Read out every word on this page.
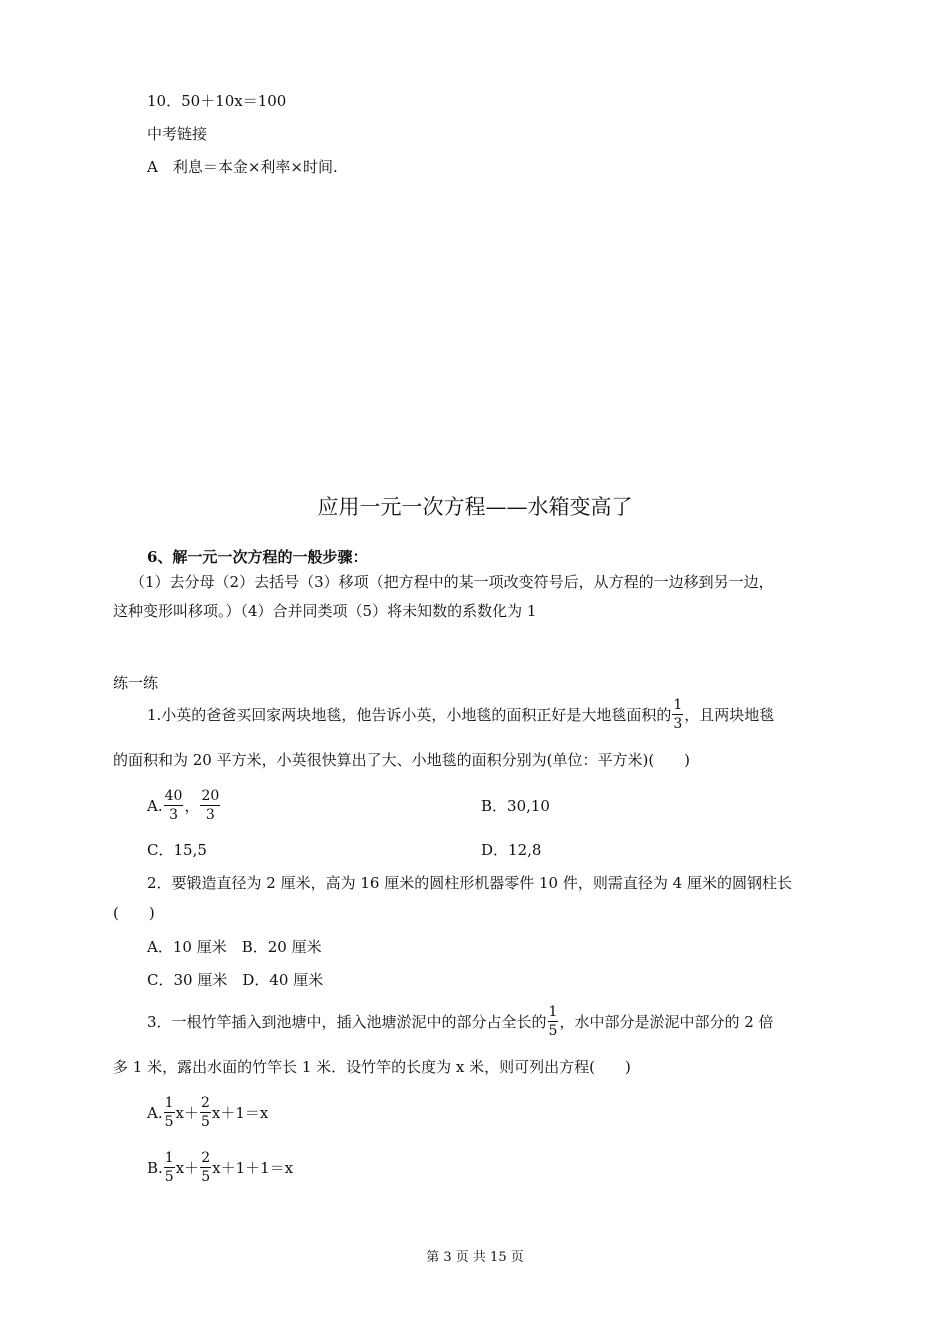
10．50＋10x＝100
中考链接
A　利息＝本金×利率×时间.
应用一元一次方程——水箱变高了
6、解一元一次方程的一般步骤：
（1）去分母（2）去括号（3）移项（把方程中的某一项改变符号后，从方程的一边移到另一边，
这种变形叫移项。）（4）合并同类项（5）将未知数的系数化为 1
练一练
1.小英的爸爸买回家两块地毯，他告诉小英，小地毯的面积正好是大地毯面积的 $\frac{1}{3}$ ，且两块地毯
的面积和为 20 平方米，小英很快算出了大、小地毯的面积分别为(单位：平方米)(　　)
A. $\frac{40}{3}$ ， $\frac{20}{3}$	B．30,10
C．15,5	D．12,8
2．要锻造直径为 2 厘米，高为 16 厘米的圆柱形机器零件 10 件，则需直径为 4 厘米的圆钢柱长
(　　)
A．10 厘米　B．20 厘米
C．30 厘米　D．40 厘米
3．一根竹竿插入到池塘中，插入池塘淤泥中的部分占全长的 $\frac{1}{5}$ ，水中部分是淤泥中部分的 2 倍
多 1 米，露出水面的竹竿长 1 米．设竹竿的长度为 x 米，则可列出方程(　　)
A. $\frac{1}{5} x+ \frac{2}{5} x+1=x$
B. $\frac{1}{5} x+ \frac{2}{5} x+1+1=x$
第 3 页 共 15 页
